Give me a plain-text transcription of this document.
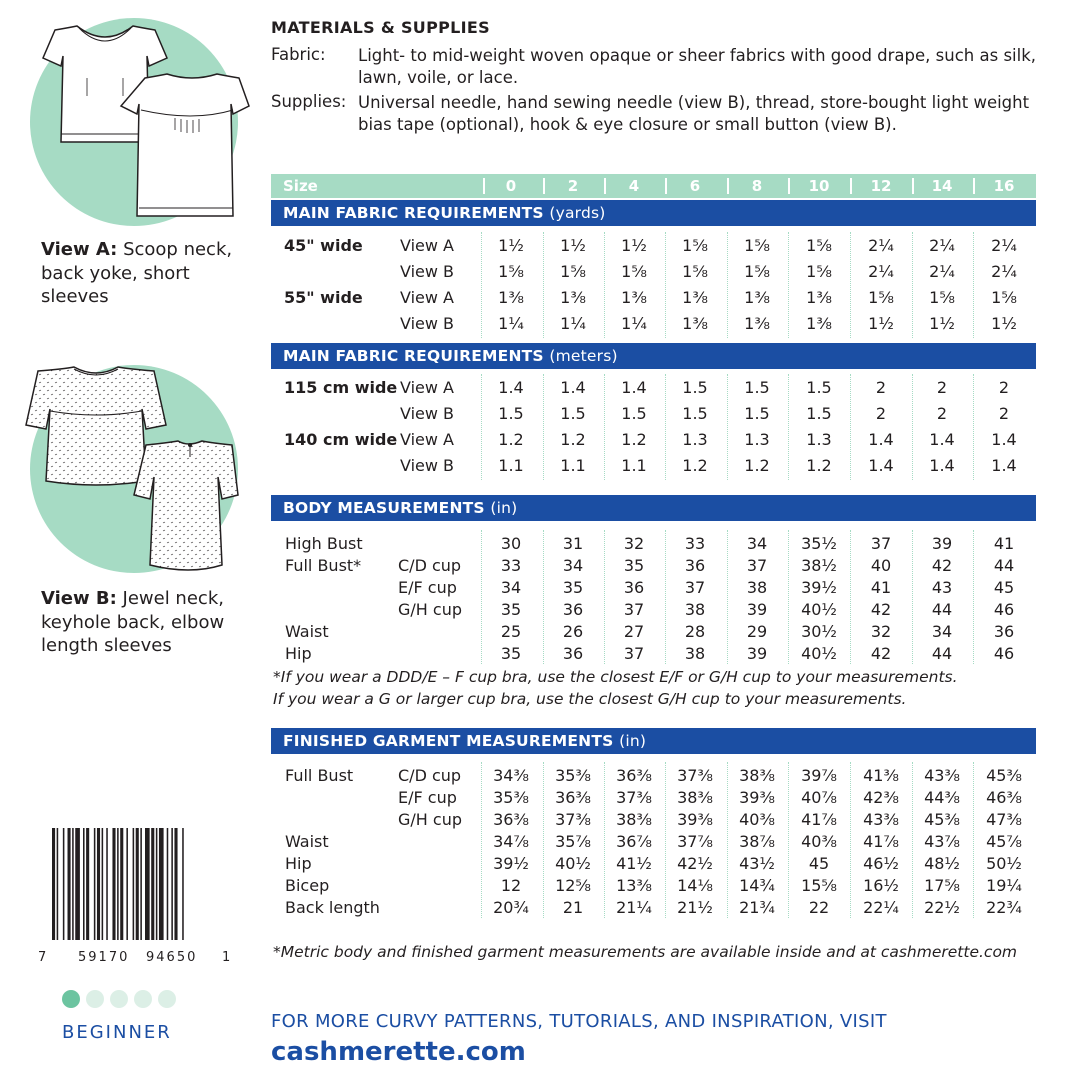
View A: Scoop neck, back yoke, short sleeves
View B: Jewel neck, keyhole back, elbow length sleeves
7 59170 94650 1
BEGINNER
MATERIALS & SUPPLIES
Fabric: Light- to mid-weight woven opaque or sheer fabrics with good drape, such as silk, lawn, voile, or lace.
Supplies: Universal needle, hand sewing needle (view B), thread, store-bought light weight bias tape (optional), hook & eye closure or small button (view B).
Size	0	2	4	6	8	10	12	14	16
MAIN FABRIC REQUIREMENTS (yards)
MAIN FABRIC REQUIREMENTS (meters)
BODY MEASUREMENTS (in)
FINISHED GARMENT MEASUREMENTS (in)
45" wide View A	1½ 1½ 1½ 1⅝ 1⅝ 1⅝ 2¼ 2¼ 2¼
View B	1⅝ 1⅝ 1⅝ 1⅝ 1⅝ 1⅝ 2¼ 2¼ 2¼
55" wide View A	1⅜ 1⅜ 1⅜ 1⅜ 1⅜ 1⅜ 1⅝ 1⅝ 1⅝
View B	1¼ 1¼ 1¼ 1⅜ 1⅜ 1⅜ 1½ 1½ 1½
115 cm wide View A	1.4 1.4 1.4 1.5 1.5 1.5	2	2	2
View B	1.5 1.5 1.5 1.5 1.5 1.5	2	2	2
140 cm wide View A	1.2 1.2 1.2 1.3 1.3 1.3 1.4 1.4 1.4
View B	1.1 1.1 1.1 1.2 1.2 1.2 1.4 1.4 1.4
High Bust	30	31	32	33	34 35½ 37	39	41
Full Bust* C/D cup 33	34	35	36	37 38½ 40	42	44
E/F cup	34	35	36	37	38 39½ 41	43	45
G/H cup 35	36	37	38	39 40½ 42	44	46
Waist	25	26	27	28	29 30½ 32	34	36
Hip	35	36	37	38	39 40½ 42	44	46
Full Bust	C/D cup 34⅜ 35⅜ 36⅜ 37⅜ 38⅜ 39⅞ 41⅜ 43⅜ 45⅜
E/F cup 35⅜ 36⅜ 37⅜ 38⅜ 39⅜ 40⅞ 42⅜ 44⅜ 46⅜
G/H cup 36⅜ 37⅜ 38⅜ 39⅜ 40⅜ 41⅞ 43⅜ 45⅜ 47⅜
Waist	34⅞ 35⅞ 36⅞ 37⅞ 38⅞ 40⅜ 41⅞ 43⅞ 45⅞
Hip	39½ 40½ 41½ 42½ 43½ 45 46½ 48½ 50½
Bicep	12 12⅝ 13⅜ 14⅛ 14¾ 15⅝ 16½ 17⅝ 19¼
Back length	20¾ 21 21¼ 21½ 21¾ 22 22¼ 22½ 22¾
*If you wear a DDD/E – F cup bra, use the closest E/F or G/H cup to your measurements.
If you wear a G or larger cup bra, use the closest G/H cup to your measurements.
*Metric body and finished garment measurements are available inside and at cashmerette.com
FOR MORE CURVY PATTERNS, TUTORIALS, AND INSPIRATION, VISIT
cashmerette.com
